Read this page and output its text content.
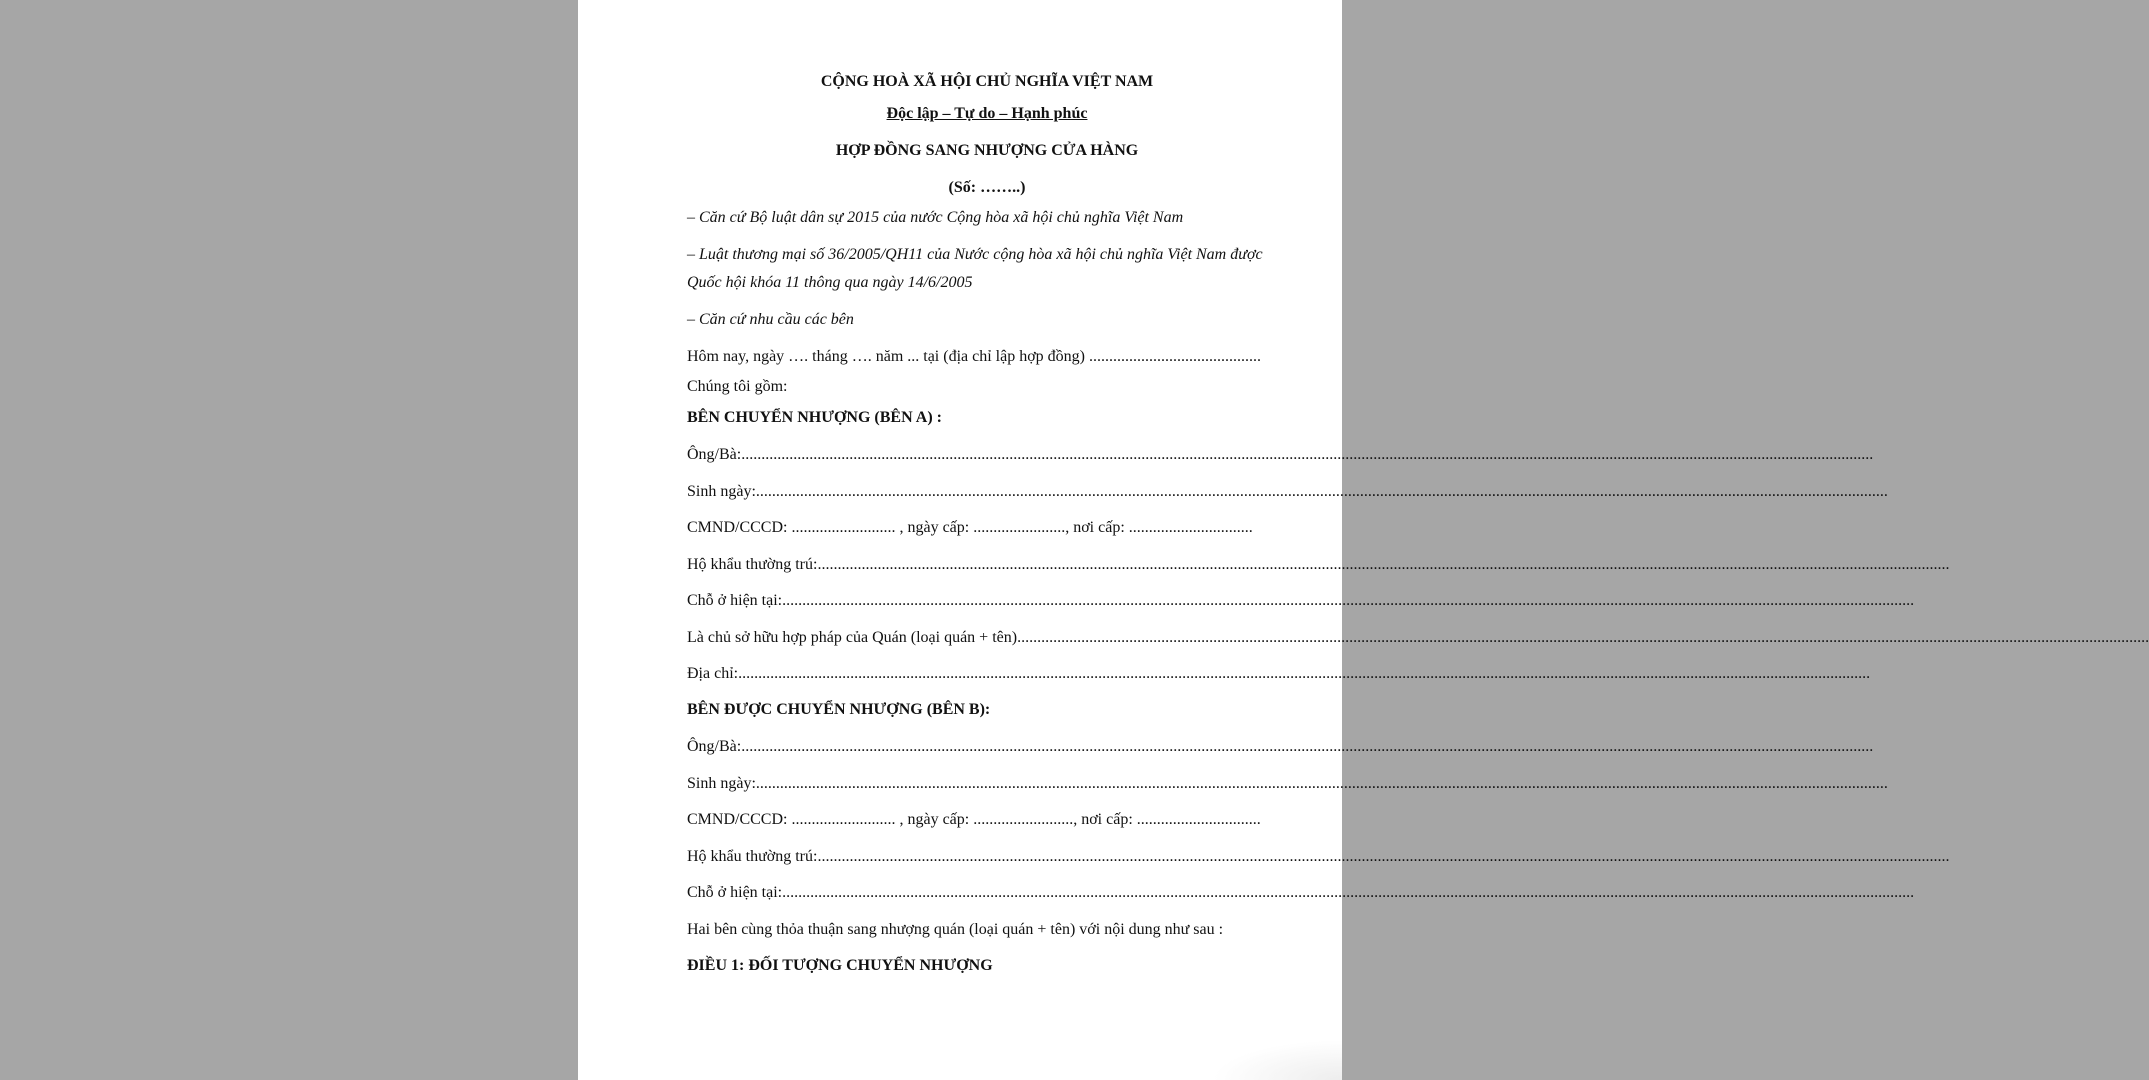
CỘNG HOÀ XÃ HỘI CHỦ NGHĨA VIỆT NAM
Độc lập – Tự do – Hạnh phúc
HỢP ĐỒNG SANG NHƯỢNG CỬA HÀNG
(Số: ……..)
– Căn cứ Bộ luật dân sự 2015 của nước Cộng hòa xã hội chủ nghĩa Việt Nam
– Luật thương mại số 36/2005/QH11 của Nước cộng hòa xã hội chủ nghĩa Việt Nam được
Quốc hội khóa 11 thông qua ngày 14/6/2005
– Căn cứ nhu cầu các bên
Hôm nay, ngày …. tháng …. năm ... tại (địa chỉ lập hợp đồng) ...........................................
Chúng tôi gồm:
BÊN CHUYỂN NHƯỢNG (BÊN A) :
Ông/Bà: ...........................................................................................................................................................................................................................................................................................
Sinh ngày: ...........................................................................................................................................................................................................................................................................................
CMND/CCCD: .......................... , ngày cấp: ......................., nơi cấp: ...............................
Hộ khẩu thường trú: ...........................................................................................................................................................................................................................................................................................
Chỗ ở hiện tại: ...........................................................................................................................................................................................................................................................................................
Là chủ sở hữu hợp pháp của Quán (loại quán + tên) ...........................................................................................................................................................................................................................................................................................
Địa chỉ: ...........................................................................................................................................................................................................................................................................................
BÊN ĐƯỢC CHUYỂN NHƯỢNG (BÊN B):
Ông/Bà: ...........................................................................................................................................................................................................................................................................................
Sinh ngày: ...........................................................................................................................................................................................................................................................................................
CMND/CCCD: .......................... , ngày cấp: ........................., nơi cấp: ...............................
Hộ khẩu thường trú: ...........................................................................................................................................................................................................................................................................................
Chỗ ở hiện tại: ...........................................................................................................................................................................................................................................................................................
Hai bên cùng thỏa thuận sang nhượng quán (loại quán + tên) với nội dung như sau :
ĐIỀU 1: ĐỐI TƯỢNG CHUYỂN NHƯỢNG
